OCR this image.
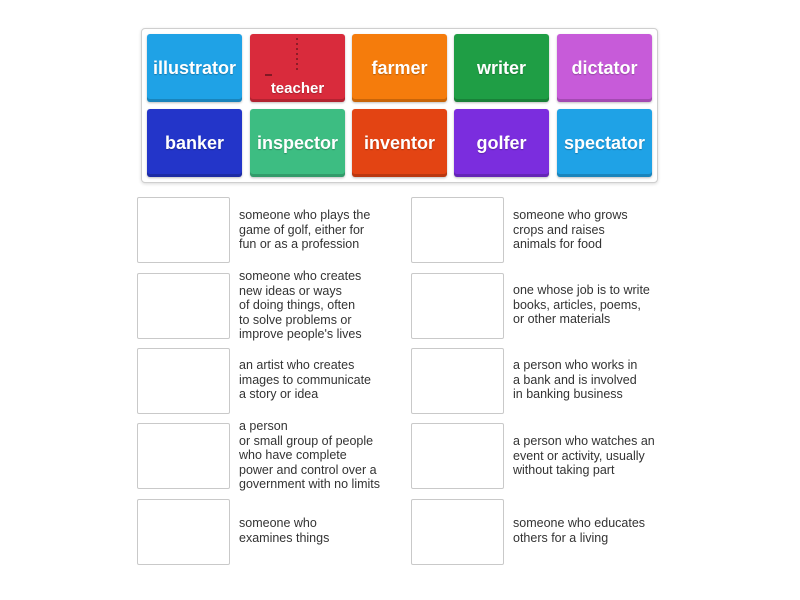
illustrator
teacher
farmer	writer	dictator
banker	inspector	inventor	golfer	spectator
someone who plays the
game of golf, either for
fun or as a profession
someone who creates
new ideas or ways
of doing things, often
to solve problems or
improve people's lives
an artist who creates
images to communicate
a story or idea
a person
or small group of people
who have complete
power and control over a
government with no limits
someone who
examines things
someone who grows
crops and raises
animals for food
one whose job is to write
books, articles, poems,
or other materials
a person who works in
a bank and is involved
in banking business
a person who watches an
event or activity, usually
without taking part
someone who educates
others for a living
